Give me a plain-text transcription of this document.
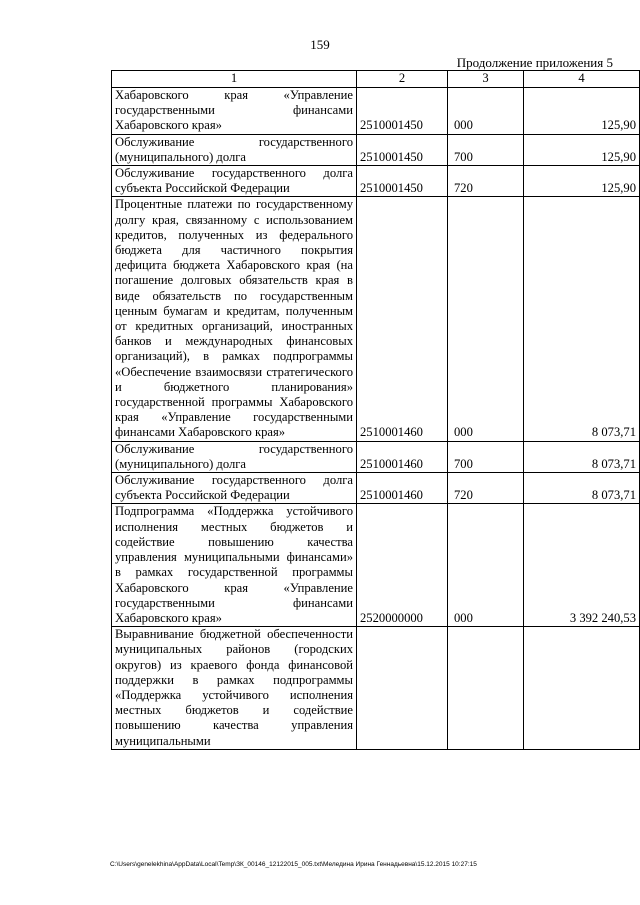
159
Продолжение приложения 5
1	2	3	4
Хабаровского края «Управление государственными финансами Хабаровского края»	2510001450	000	125,90
Обслуживание государственного (муниципального) долга	2510001450	700	125,90
Обслуживание государственного долга субъекта Российской Федерации	2510001450	720	125,90
Процентные платежи по государственному долгу края, связанному с использованием кредитов, полученных из федерального бюджета для частичного покрытия дефицита бюджета Хабаровского края (на погашение долговых обязательств края в виде обязательств по государственным ценным бумагам и кредитам, полученным от кредитных организаций, иностранных банков и международных финансовых организаций), в рамках подпрограммы «Обеспечение взаимосвязи стратегического и бюджетного планирования» государственной программы Хабаровского края «Управление государственными финансами Хабаровского края»	2510001460	000	8 073,71
Обслуживание государственного (муниципального) долга	2510001460	700	8 073,71
Обслуживание государственного долга субъекта Российской Федерации	2510001460	720	8 073,71
Подпрограмма «Поддержка устойчивого исполнения местных бюджетов и содействие повышению качества управления муниципальными финансами» в рамках государственной программы Хабаровского края «Управление государственными финансами Хабаровского края»	2520000000	000	3 392 240,53
Выравнивание бюджетной обеспеченности муниципальных районов (городских округов) из краевого фонда финансовой поддержки в рамках подпрограммы «Поддержка устойчивого исполнения местных бюджетов и содействие повышению качества управления муниципальными			
C:\Users\genelekhina\AppData\Local\Temp\ЗК_00146_12122015_005.txt\Меледина Ирина Геннадьевна\15.12.2015 10:27:15
